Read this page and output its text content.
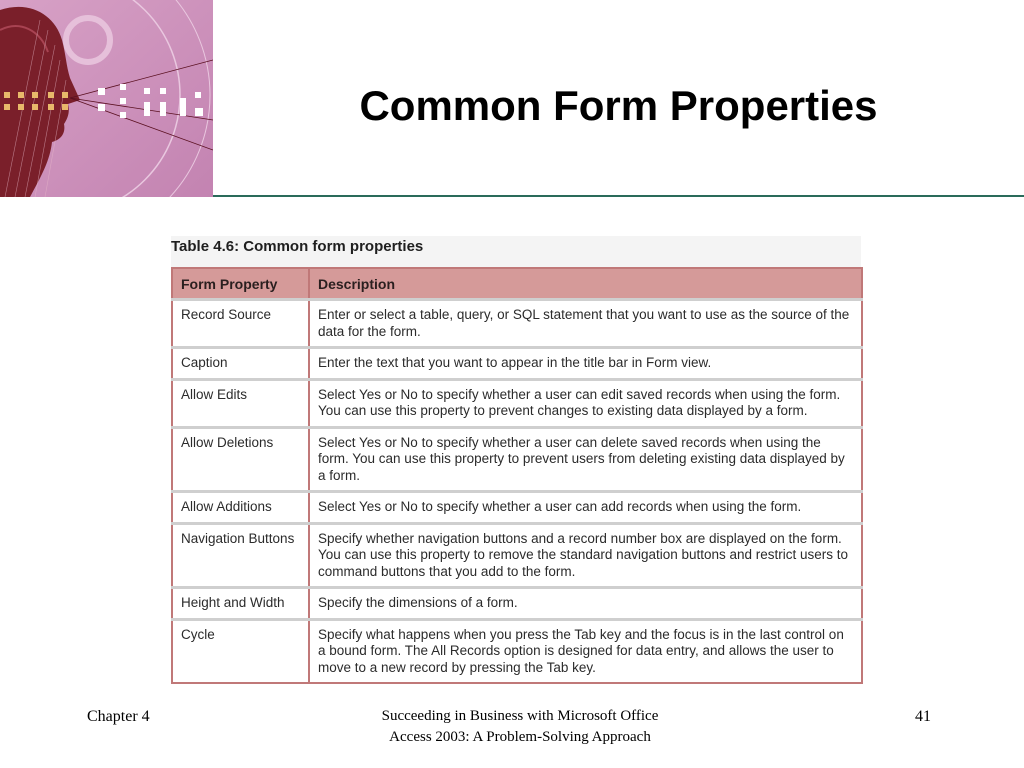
Common Form Properties
Table 4.6: Common form properties
Form Property	Description
Record Source	Enter or select a table, query, or SQL statement that you want to use as the source of the data for the form.
Caption	Enter the text that you want to appear in the title bar in Form view.
Allow Edits	Select Yes or No to specify whether a user can edit saved records when using the form. You can use this property to prevent changes to existing data displayed by a form.
Allow Deletions	Select Yes or No to specify whether a user can delete saved records when using the form. You can use this property to prevent users from deleting existing data displayed by a form.
Allow Additions	Select Yes or No to specify whether a user can add records when using the form.
Navigation Buttons	Specify whether navigation buttons and a record number box are displayed on the form. You can use this property to remove the standard navigation buttons and restrict users to command buttons that you add to the form.
Height and Width	Specify the dimensions of a form.
Cycle	Specify what happens when you press the Tab key and the focus is in the last control on a bound form. The All Records option is designed for data entry, and allows the user to move to a new record by pressing the Tab key.
Chapter 4	Succeeding in Business with Microsoft Office
Access 2003: A Problem-Solving Approach
41
